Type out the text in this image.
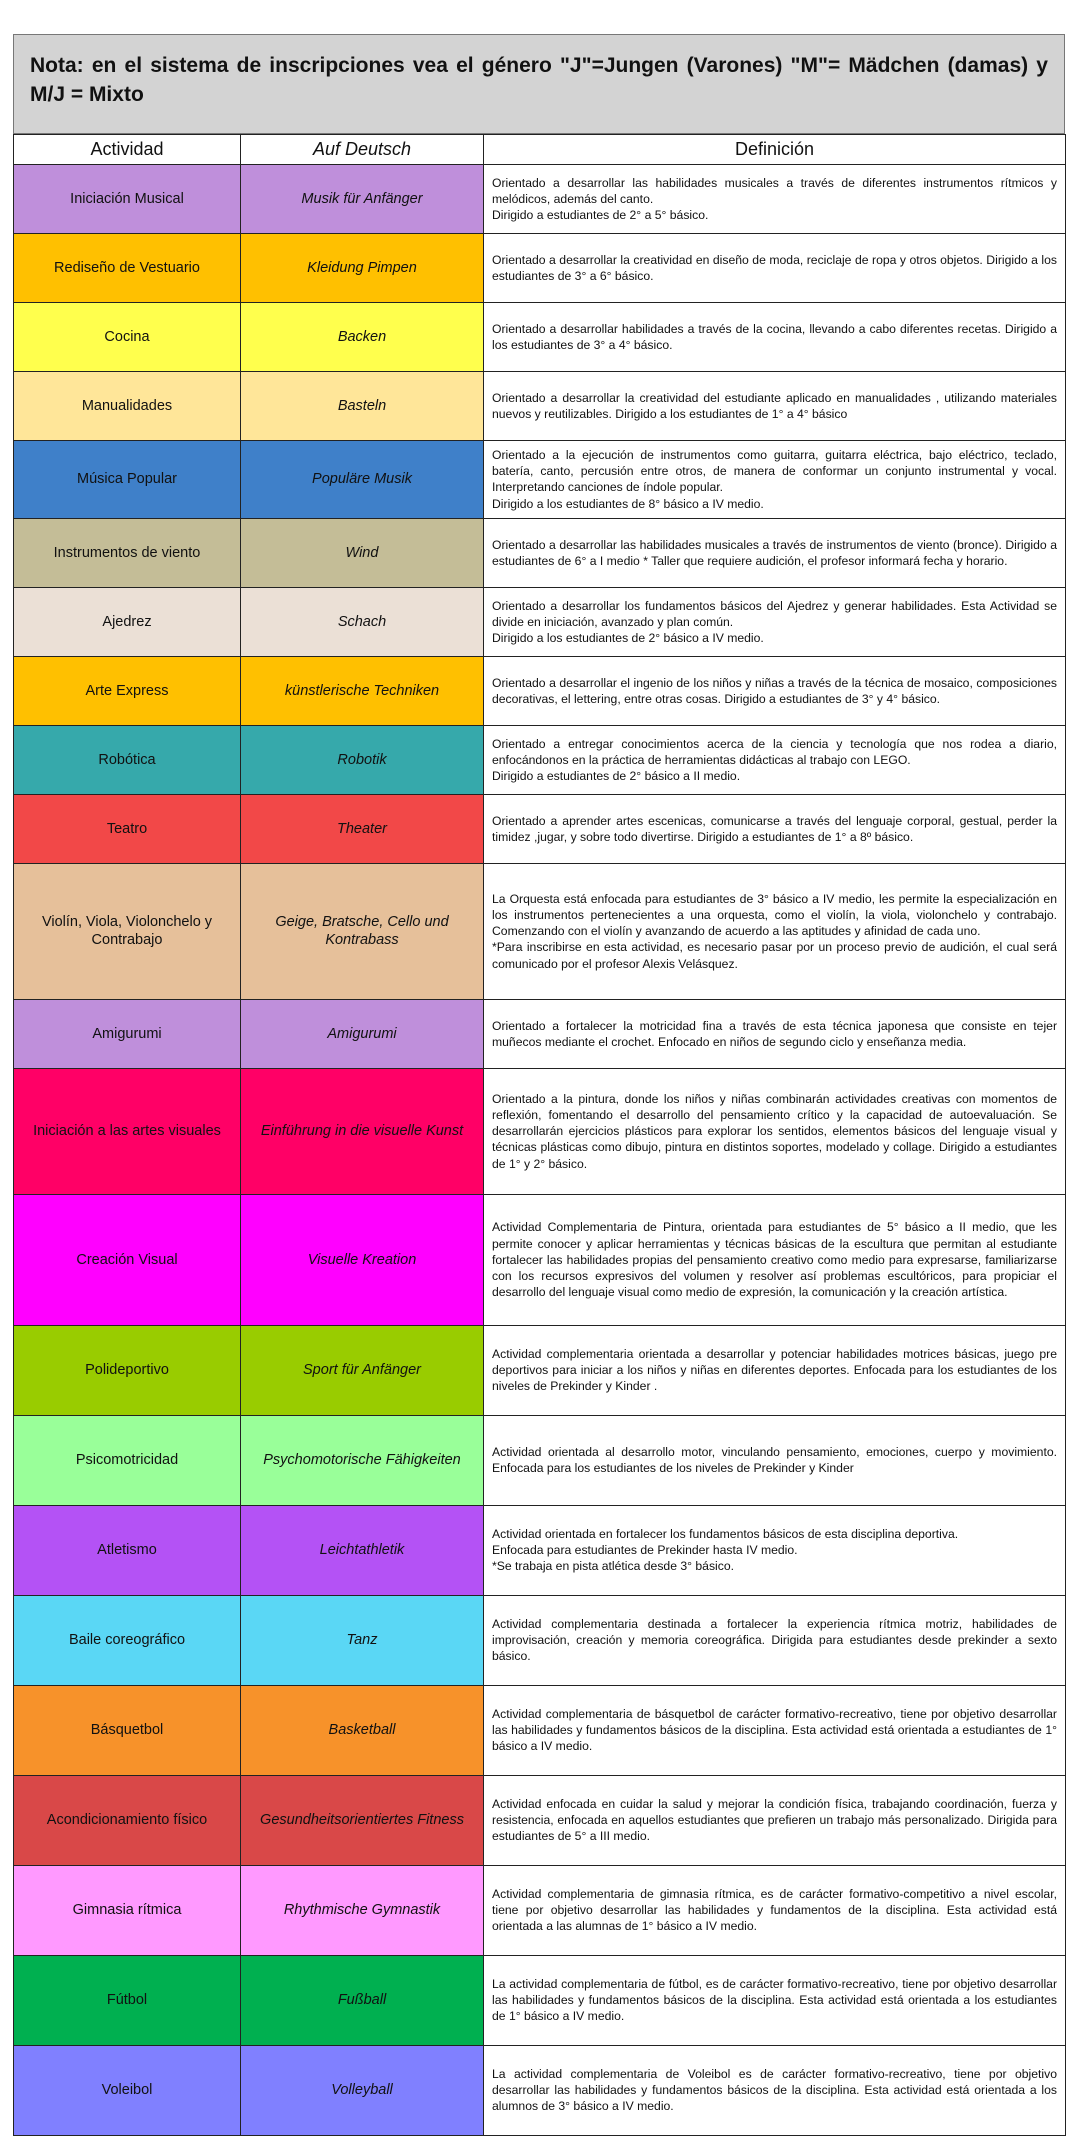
Nota: en el sistema de inscripciones vea el género "J"=Jungen (Varones) "M"= Mädchen (damas) y M/J = Mixto
Actividad	Auf Deutsch	Definición
Iniciación Musical	Musik für Anfänger	Orientado a desarrollar las habilidades musicales a través de diferentes instrumentos rítmicos y melódicos, además del canto.
Dirigido a estudiantes de 2° a 5° básico.

Rediseño de Vestuario	Kleidung Pimpen	Orientado a desarrollar la creatividad en diseño de moda, reciclaje de ropa y otros objetos. Dirigido a los estudiantes de 3° a 6° básico.

Cocina	Backen	Orientado a desarrollar habilidades a través de la cocina, llevando a cabo diferentes recetas. Dirigido a los estudiantes de 3° a 4° básico.

Manualidades	Basteln	Orientado a desarrollar la creatividad del estudiante aplicado en manualidades , utilizando materiales nuevos y reutilizables. Dirigido a los estudiantes de 1° a 4° básico

Música Popular	Populäre Musik	Orientado a la ejecución de instrumentos como guitarra, guitarra eléctrica, bajo eléctrico, teclado, batería, canto, percusión entre otros, de manera de conformar un conjunto instrumental y vocal. Interpretando canciones de índole popular.
Dirigido a los estudiantes de 8° básico a IV medio.

Instrumentos de viento	Wind	Orientado a desarrollar las habilidades musicales a través de instrumentos de viento (bronce). Dirigido a estudiantes de 6° a I medio * Taller que requiere audición, el profesor informará fecha y horario.

Ajedrez	Schach	Orientado a desarrollar los fundamentos básicos del Ajedrez y generar habilidades. Esta Actividad se divide en iniciación, avanzado y plan común.
Dirigido a los estudiantes de 2° básico a IV medio.

Arte Express	künstlerische Techniken	Orientado a desarrollar el ingenio de los niños y niñas a través de la técnica de mosaico, composiciones decorativas, el lettering, entre otras cosas. Dirigido a estudiantes de 3° y 4° básico.

Robótica	Robotik	Orientado a entregar conocimientos acerca de la ciencia y tecnología que nos rodea a diario, enfocándonos en la práctica de herramientas didácticas al trabajo con LEGO.
Dirigido a estudiantes de 2° básico a II medio.

Teatro	Theater	Orientado a aprender artes escenicas, comunicarse a través del lenguaje corporal, gestual, perder la timidez ,jugar, y sobre todo divertirse. Dirigido a estudiantes de 1° a 8º básico.

Violín, Viola, Violonchelo y Contrabajo	Geige, Bratsche, Cello und Kontrabass	La Orquesta está enfocada para estudiantes de 3° básico a IV medio, les permite la especialización en los instrumentos pertenecientes a una orquesta, como el violín, la viola, violonchelo y contrabajo. Comenzando con el violín y avanzando de acuerdo a las aptitudes y afinidad de cada uno.
*Para inscribirse en esta actividad, es necesario pasar por un proceso previo de audición, el cual será comunicado por el profesor Alexis Velásquez.

Amigurumi	Amigurumi	Orientado a fortalecer la motricidad fina a través de esta técnica japonesa que consiste en tejer muñecos mediante el crochet. Enfocado en niños de segundo ciclo y enseñanza media.

Iniciación a las artes visuales	Einführung in die visuelle Kunst	Orientado a la pintura, donde los niños y niñas combinarán actividades creativas con momentos de reflexión, fomentando el desarrollo del pensamiento crítico y la capacidad de autoevaluación. Se desarrollarán ejercicios plásticos para explorar los sentidos, elementos básicos del lenguaje visual y técnicas plásticas como dibujo, pintura en distintos soportes, modelado y collage. Dirigido a estudiantes de 1° y 2° básico.

Creación Visual	Visuelle Kreation	Actividad Complementaria de Pintura, orientada para estudiantes de 5° básico a II medio, que les permite conocer y aplicar herramientas y técnicas básicas de la escultura que permitan al estudiante fortalecer las habilidades propias del pensamiento creativo como medio para expresarse, familiarizarse con los recursos expresivos del volumen y resolver así problemas escultóricos, para propiciar el desarrollo del lenguaje visual como medio de expresión, la comunicación y la creación artística.

Polideportivo	Sport für Anfänger	Actividad complementaria orientada a desarrollar y potenciar habilidades motrices básicas, juego pre deportivos para iniciar a los niños y niñas en diferentes deportes. Enfocada para los estudiantes de los niveles de Prekinder y Kinder .

Psicomotricidad	Psychomotorische Fähigkeiten	Actividad orientada al desarrollo motor, vinculando pensamiento, emociones, cuerpo y movimiento. Enfocada para los estudiantes de los niveles de Prekinder y Kinder

Atletismo	Leichtathletik	Actividad orientada en fortalecer los fundamentos básicos de esta disciplina deportiva.
Enfocada para estudiantes de Prekinder hasta IV medio.
*Se trabaja en pista atlética desde 3° básico.

Baile coreográfico	Tanz	Actividad complementaria destinada a fortalecer la experiencia rítmica motriz, habilidades de improvisación, creación y memoria coreográfica. Dirigida para estudiantes desde prekinder a sexto básico.

Básquetbol	Basketball	Actividad complementaria de básquetbol de carácter formativo-recreativo, tiene por objetivo desarrollar las habilidades y fundamentos básicos de la disciplina. Esta actividad está orientada a estudiantes de 1° básico a IV medio.

Acondicionamiento físico	Gesundheitsorientiertes Fitness	Actividad enfocada en cuidar la salud y mejorar la condición física, trabajando coordinación, fuerza y resistencia, enfocada en aquellos estudiantes que prefieren un trabajo más personalizado. Dirigida para estudiantes de 5° a III medio.

Gimnasia rítmica	Rhythmische Gymnastik	Actividad complementaria de gimnasia rítmica, es de carácter formativo-competitivo a nivel escolar, tiene por objetivo desarrollar las habilidades y fundamentos de la disciplina. Esta actividad está orientada a las alumnas de 1° básico a IV medio.

Fútbol	Fußball	La actividad complementaria de fútbol, es de carácter formativo-recreativo, tiene por objetivo desarrollar las habilidades y fundamentos básicos de la disciplina. Esta actividad está orientada a los estudiantes de 1° básico a IV medio.

Voleibol	Volleyball	La actividad complementaria de Voleibol es de carácter formativo-recreativo, tiene por objetivo desarrollar las habilidades y fundamentos básicos de la disciplina. Esta actividad está orientada a los alumnos de 3° básico a IV medio.
